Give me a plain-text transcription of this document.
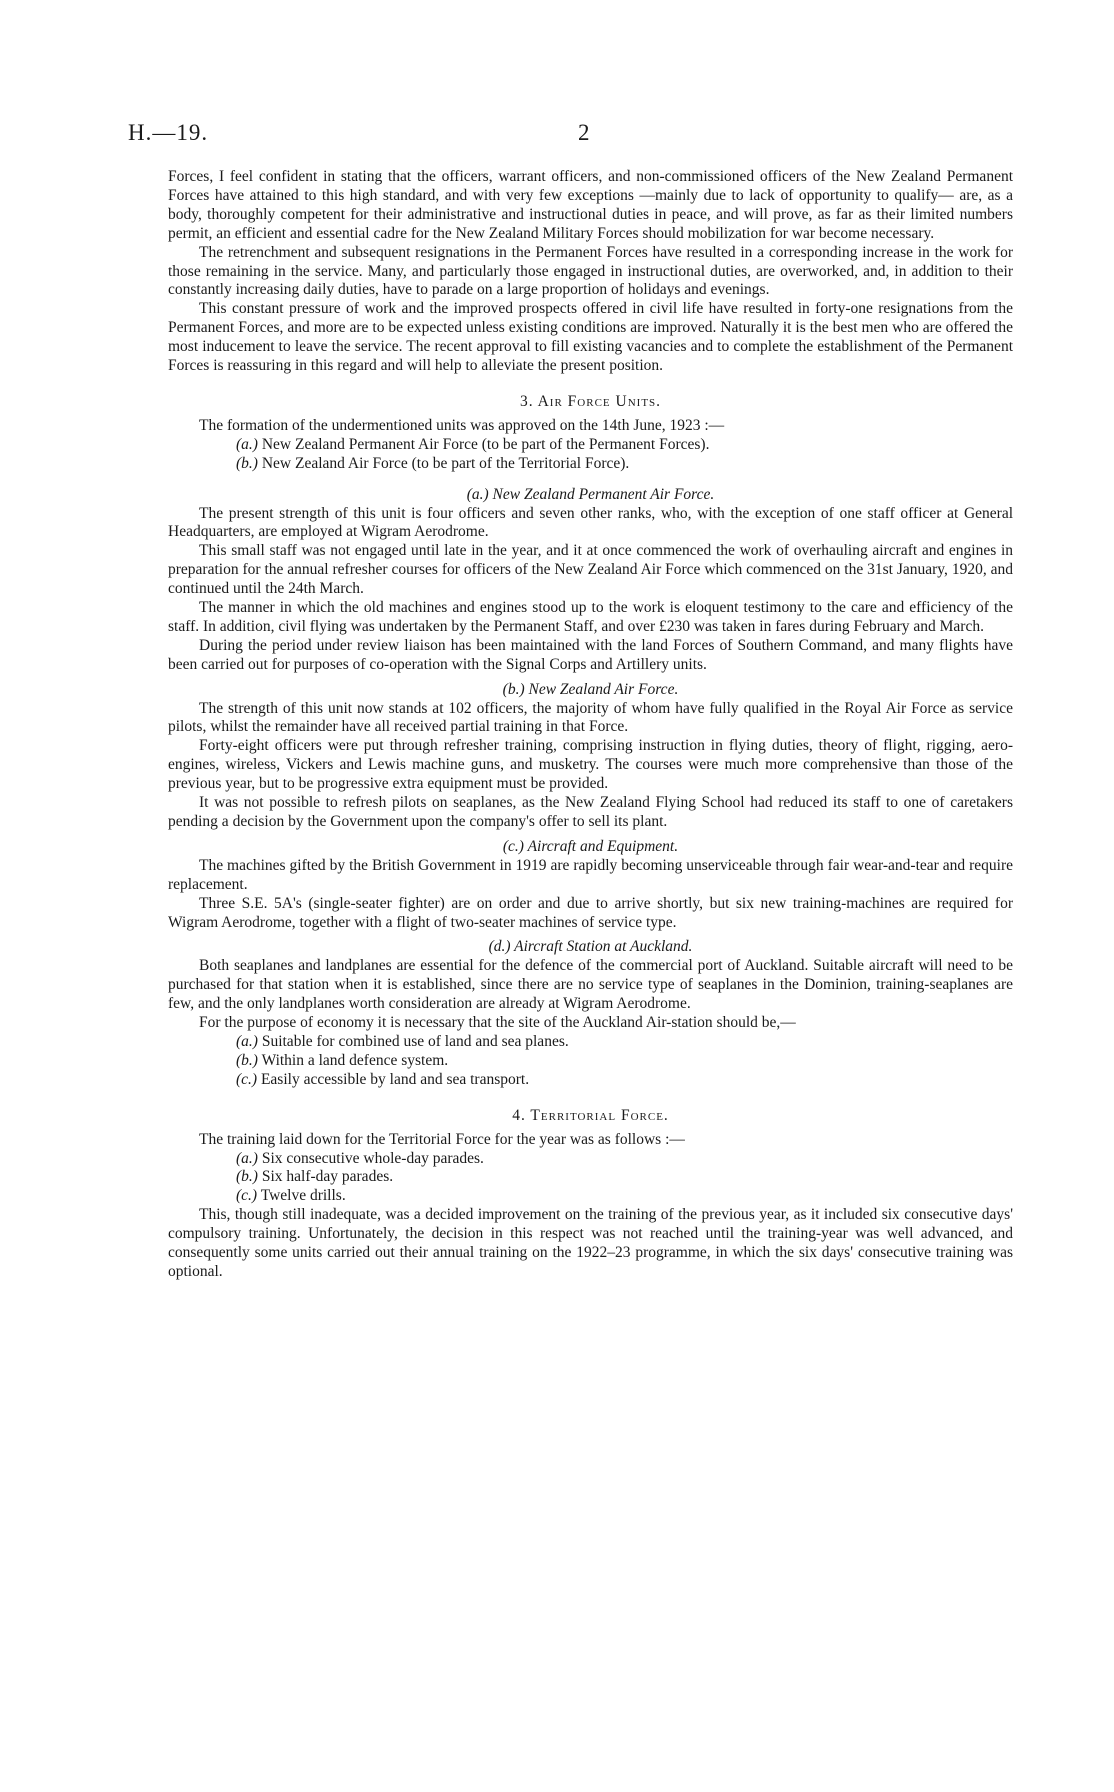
H.—19.	2

Forces, I feel confident in stating that the officers, warrant officers, and non-commissioned officers of the New Zealand Permanent Forces have attained to this high standard, and with very few exceptions —mainly due to lack of opportunity to qualify— are, as a body, thoroughly competent for their administrative and instructional duties in peace, and will prove, as far as their limited numbers permit, an efficient and essential cadre for the New Zealand Military Forces should mobilization for war become necessary.

The retrenchment and subsequent resignations in the Permanent Forces have resulted in a corresponding increase in the work for those remaining in the service. Many, and particularly those engaged in instructional duties, are overworked, and, in addition to their constantly increasing daily duties, have to parade on a large proportion of holidays and evenings.

This constant pressure of work and the improved prospects offered in civil life have resulted in forty-one resignations from the Permanent Forces, and more are to be expected unless existing conditions are improved. Naturally it is the best men who are offered the most inducement to leave the service. The recent approval to fill existing vacancies and to complete the establishment of the Permanent Forces is reassuring in this regard and will help to alleviate the present position.

3. Air Force Units.

The formation of the undermentioned units was approved on the 14th June, 1923 :—

(a.) New Zealand Permanent Air Force (to be part of the Permanent Forces).

(b.) New Zealand Air Force (to be part of the Territorial Force).

(a.) New Zealand Permanent Air Force.

The present strength of this unit is four officers and seven other ranks, who, with the exception of one staff officer at General Headquarters, are employed at Wigram Aerodrome.

This small staff was not engaged until late in the year, and it at once commenced the work of overhauling aircraft and engines in preparation for the annual refresher courses for officers of the New Zealand Air Force which commenced on the 31st January, 1920, and continued until the 24th March.

The manner in which the old machines and engines stood up to the work is eloquent testimony to the care and efficiency of the staff. In addition, civil flying was undertaken by the Permanent Staff, and over £230 was taken in fares during February and March.

During the period under review liaison has been maintained with the land Forces of Southern Command, and many flights have been carried out for purposes of co-operation with the Signal Corps and Artillery units.

(b.) New Zealand Air Force.

The strength of this unit now stands at 102 officers, the majority of whom have fully qualified in the Royal Air Force as service pilots, whilst the remainder have all received partial training in that Force.

Forty-eight officers were put through refresher training, comprising instruction in flying duties, theory of flight, rigging, aero-engines, wireless, Vickers and Lewis machine guns, and musketry. The courses were much more comprehensive than those of the previous year, but to be progressive extra equipment must be provided.

It was not possible to refresh pilots on seaplanes, as the New Zealand Flying School had reduced its staff to one of caretakers pending a decision by the Government upon the company's offer to sell its plant.

(c.) Aircraft and Equipment.

The machines gifted by the British Government in 1919 are rapidly becoming unserviceable through fair wear-and-tear and require replacement.

Three S.E. 5A's (single-seater fighter) are on order and due to arrive shortly, but six new training-machines are required for Wigram Aerodrome, together with a flight of two-seater machines of service type.

(d.) Aircraft Station at Auckland.

Both seaplanes and landplanes are essential for the defence of the commercial port of Auckland. Suitable aircraft will need to be purchased for that station when it is established, since there are no service type of seaplanes in the Dominion, training-seaplanes are few, and the only landplanes worth consideration are already at Wigram Aerodrome.

For the purpose of economy it is necessary that the site of the Auckland Air-station should be,—

(a.) Suitable for combined use of land and sea planes.

(b.) Within a land defence system.

(c.) Easily accessible by land and sea transport.

4. Territorial Force.

The training laid down for the Territorial Force for the year was as follows :—

(a.) Six consecutive whole-day parades.

(b.) Six half-day parades.

(c.) Twelve drills.

This, though still inadequate, was a decided improvement on the training of the previous year, as it included six consecutive days' compulsory training. Unfortunately, the decision in this respect was not reached until the training-year was well advanced, and consequently some units carried out their annual training on the 1922–23 programme, in which the six days' consecutive training was optional.
